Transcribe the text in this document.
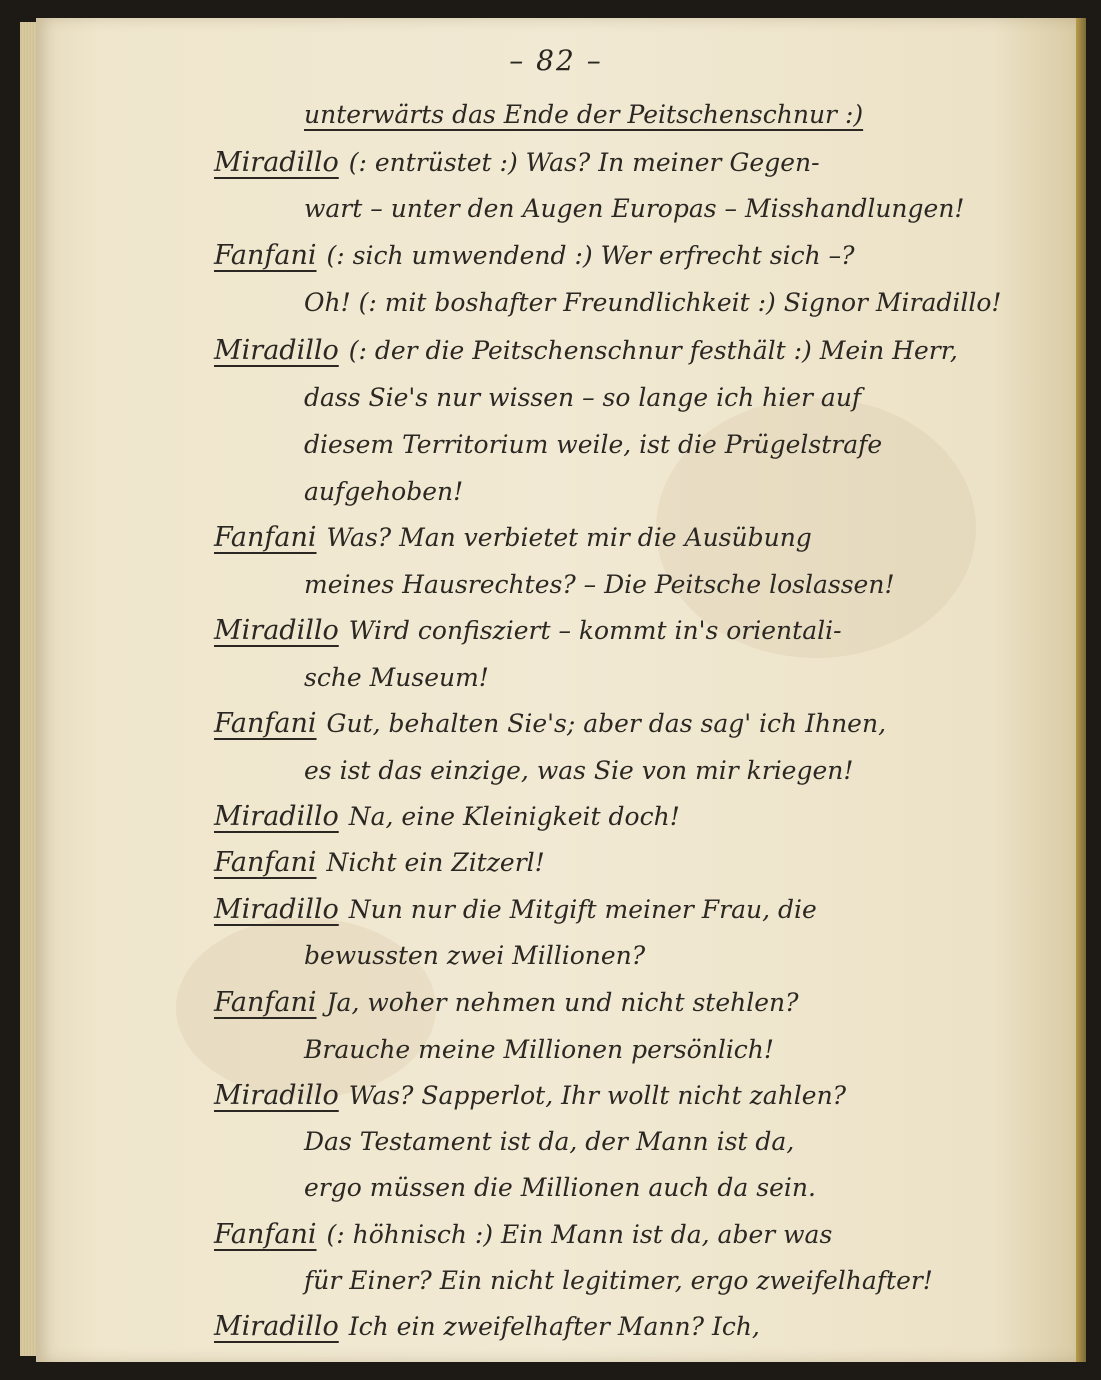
– 82 –
unterwärts das Ende der Peitschenschnur :)
Miradillo (: entrüstet :) Was? In meiner Gegen-
wart – unter den Augen Europas – Misshandlungen!
Fanfani (: sich umwendend :) Wer erfrecht sich –?
Oh! (: mit boshafter Freundlichkeit :) Signor Miradillo!
Miradillo (: der die Peitschenschnur festhält :) Mein Herr,
dass Sie's nur wissen – so lange ich hier auf
diesem Territorium weile, ist die Prügelstrafe
aufgehoben!
Fanfani Was? Man verbietet mir die Ausübung
meines Hausrechtes? – Die Peitsche loslassen!
Miradillo Wird confisziert – kommt in's orientali-
sche Museum!
Fanfani Gut, behalten Sie's; aber das sag' ich Ihnen,
es ist das einzige, was Sie von mir kriegen!
Miradillo Na, eine Kleinigkeit doch!
Fanfani Nicht ein Zitzerl!
Miradillo Nun nur die Mitgift meiner Frau, die
bewussten zwei Millionen?
Fanfani Ja, woher nehmen und nicht stehlen?
Brauche meine Millionen persönlich!
Miradillo Was? Sapperlot, Ihr wollt nicht zahlen?
Das Testament ist da, der Mann ist da,
ergo müssen die Millionen auch da sein.
Fanfani (: höhnisch :) Ein Mann ist da, aber was
für Einer? Ein nicht legitimer, ergo zweifelhafter!
Miradillo Ich ein zweifelhafter Mann? Ich,
